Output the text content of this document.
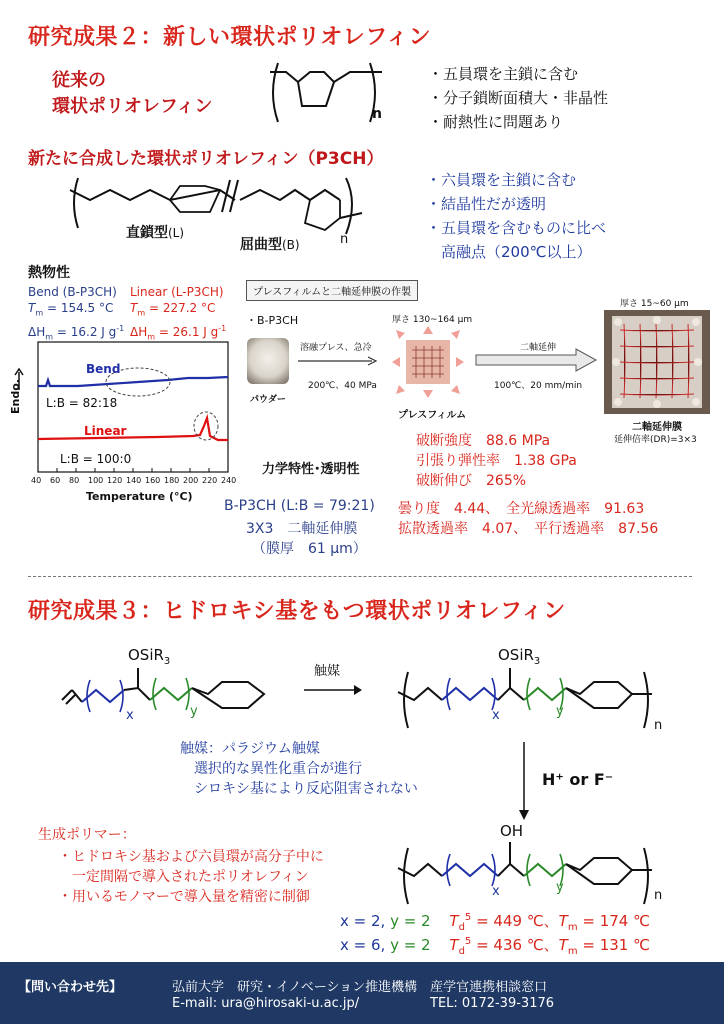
研究成果２：新しい環状ポリオレフィン
従来の
環状ポリオレフィン	n
・五員環を主鎖に含む
・分子鎖断面積大・非晶性
・耐熱性に問題あり
新たに合成した環状ポリオレフィン（P3CH）
直鎖型(L)
屈曲型(B)	n
・六員環を主鎖に含む
・結晶性だが透明
・五員環を含むものに比べ
　高融点（200℃以上）
熱物性
Bend (B-P3CH)
$T_m = 154.5$ °C
$\Delta H_m = 16.2$ J $g^{-1}$
Linear (L-P3CH)
$T_m = 227.2$ °C
$\Delta H_m = 26.1$ J $g^{-1}$
Endo.
Bend
L:B = 82:18
Linear
L:B = 100:0
40 60 80 100 120 140 160 180 200 220 240
Temperature (°C)
プレスフィルムと二軸延伸膜の作製
・B-P3CH
パウダー
溶融プレス、急冷
200℃、40 MPa
厚さ 130~164 μm
プレスフィルム
二軸延伸
100℃、20 mm/min
厚さ 15~60 μm
二軸延伸膜
延伸倍率(DR)=3×3
力学特性･透明性
破断強度　88.6 MPa
引張り弾性率　1.38 GPa
破断伸び　265%
B-P3CH (L:B = 79:21)
3X3　二軸延伸膜
（膜厚　61 μm）
曇り度　4.44、　全光線透過率　91.63
拡散透過率　4.07、　平行透過率　87.56
研究成果３：ヒドロキシ基をもつ環状ポリオレフィン
OSiR$_3$
x	y
触媒
OSiR$_3$
x	y
n
触媒：パラジウム触媒
　選択的な異性化重合が進行
　シロキシ基により反応阻害されない	H⁺ or F⁻
生成ポリマー：
・ヒドロキシ基および六員環が高分子中に
　一定間隔で導入されたポリオレフィン
・用いるモノマーで導入量を精密に制御
OH
x	y
n
x = 2, y = 2 $T_d^5 = 449$ ℃、$T_m = 174$ ℃
x = 6, y = 2 $T_d^5 = 436$ ℃、$T_m = 131$ ℃
【問い合わせ先】	弘前大学　研究・イノベーション推進機構　産学官連携相談窓口
E-mail: ura@hirosaki-u.ac.jp/	TEL: 0172-39-3176
